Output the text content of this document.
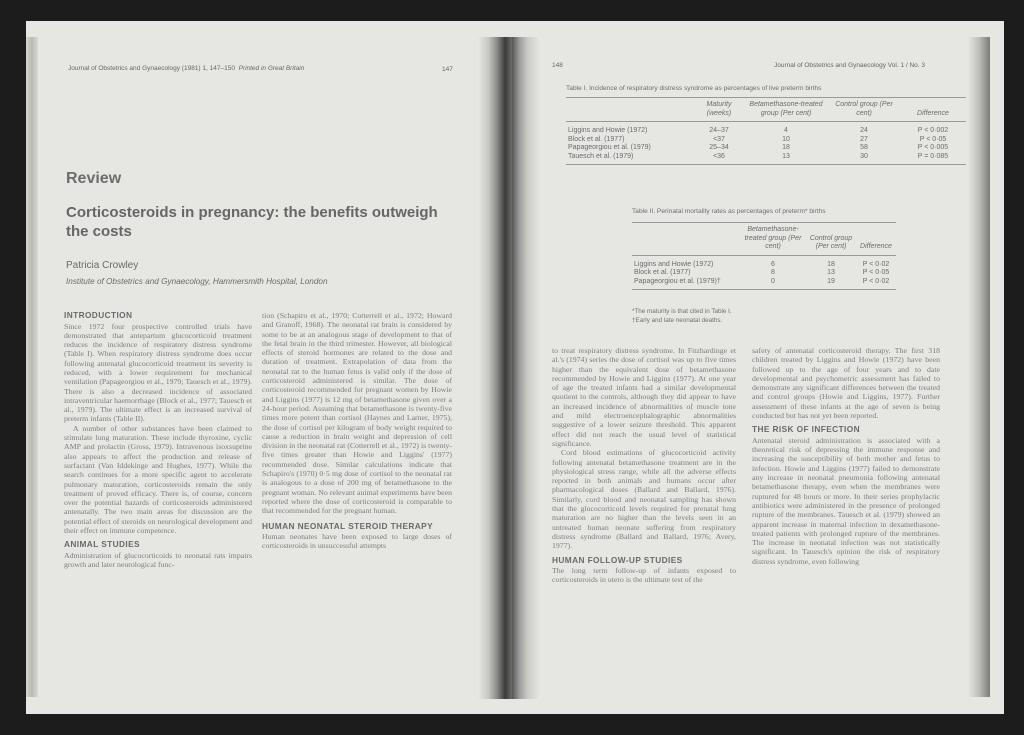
Journal of Obstetrics and Gynaecology (1981) 1, 147–150 Printed in Great Britain	147
Review
Corticosteroids in pregnancy: the benefits outweigh the costs
Patricia Crowley
Institute of Obstetrics and Gynaecology, Hammersmith Hospital, London
INTRODUCTION

Since 1972 four prospective controlled trials have demonstrated that antepartum glucocorticoid treatment reduces the incidence of respiratory distress syndrome (Table I). When respiratory distress syndrome does occur following antenatal glucocorticoid treatment its severity is reduced, with a lower requirement for mechanical ventilation (Papageorgiou et al., 1979; Tauesch et al., 1979). There is also a decreased incidence of associated intraventricular haemorrhage (Block et al., 1977; Tauesch et al., 1979). The ultimate effect is an increased survival of preterm infants (Table II).

A number of other substances have been claimed to stimulate lung maturation. These include thyroxine, cyclic AMP and prolactin (Gross, 1979). Intravenous isoxsuprine also appears to affect the production and release of surfactant (Van Iddekinge and Hughes, 1977). While the search continues for a more specific agent to accelerate pulmonary maturation, corticosteroids remain the only treatment of proved efficacy. There is, of course, concern over the potential hazards of corticosteroids administered antenatally. The two main areas for discussion are the potential effect of steroids on neurological development and their effect on immune competence.

ANIMAL STUDIES

Administration of glucocorticoids to neonatal rats impairs growth and later neurological func-

tion (Schapiro et al., 1970; Cotterrell et al., 1972; Howard and Granoff, 1968). The neonatal rat brain is considered by some to be at an analogous stage of development to that of the fetal brain in the third trimester. However, all biological effects of steroid hormones are related to the dose and duration of treatment. Extrapolation of data from the neonatal rat to the human fetus is valid only if the dose of corticosteroid administered is similar. The dose of corticosteroid recommended for pregnant women by Howie and Liggins (1977) is 12 mg of betamethasone given over a 24-hour period. Assuming that betamethasone is twenty-five times more potent than cortisol (Haynes and Larner, 1975), the dose of cortisol per kilogram of body weight required to cause a reduction in brain weight and depression of cell division in the neonatal rat (Cotterrell et al., 1972) is twenty-five times greater than Howie and Liggins' (1977) recommended dose. Similar calculations indicate that Schapiro's (1970) 0·5 mg dose of cortisol to the neonatal rat is analogous to a dose of 200 mg of betamethasone to the pregnant woman. No relevant animal experiments have been reported where the dose of corticosteroid is comparable to that recommended for the pregnant human.

HUMAN NEONATAL STEROID THERAPY

Human neonates have been exposed to large doses of corticosteroids in unsuccessful attempts

148	Journal of Obstetrics and Gynaecology Vol. 1 / No. 3
Table I. Incidence of respiratory distress syndrome as percentages of live preterm births
	Maturity (weeks)	Betamethasone-treated group (Per cent)	Control group (Per cent)	Difference
Liggins and Howie (1972)	24–37	4	24	P < 0·002
Block et al. (1977)	<37	10	27	P < 0·05
Papageorgiou et al. (1979)	25–34	18	58	P < 0·005
Tauesch et al. (1979)	<36	13	30	P = 0·085
Table II. Perinatal mortality rates as percentages of preterm* births
	Betamethasone-treated group (Per cent)	Control group (Per cent)	Difference
Liggins and Howie (1972)	6	18	P < 0·02
Block et al. (1977)	8	13	P < 0·05
Papageorgiou et al. (1979)†	0	19	P < 0·02
*The maturity is that cited in Table I.
†Early and late neonatal deaths.

to treat respiratory distress syndrome. In Fitzhardinge et al.'s (1974) series the dose of cortisol was up to five times higher than the equivalent dose of betamethasone recommended by Howie and Liggins (1977). At one year of age the treated infants had a similar developmental quotient to the controls, although they did appear to have an increased incidence of abnormalities of muscle tone and mild electroencephalographic abnormalities suggestive of a lower seizure threshold. This apparent effect did not reach the usual level of statistical significance.

Cord blood estimations of glucocorticoid activity following antenatal betamethasone treatment are in the physiological stress range, while all the adverse effects reported in both animals and humans occur after pharmacological doses (Ballard and Ballard, 1976). Similarly, cord blood and neonatal sampling has shown that the glucocorticoid levels required for prenatal lung maturation are no higher than the levels seen in an untreated human neonate suffering from respiratory distress syndrome (Ballard and Ballard, 1976; Avery, 1977).

HUMAN FOLLOW-UP STUDIES

The long term follow-up of infants exposed to corticosteroids in utero is the ultimate test of the

safety of antenatal corticosteroid therapy. The first 318 children treated by Liggins and Howie (1972) have been followed up to the age of four years and to date developmental and psychometric assessment has failed to demonstrate any significant differences between the treated and control groups (Howie and Liggins, 1977). Further assessment of these infants at the age of seven is being conducted but has not yet been reported.

THE RISK OF INFECTION

Antenatal steroid administration is associated with a theoretical risk of depressing the immune response and increasing the susceptibility of both mother and fetus to infection. Howie and Liggins (1977) failed to demonstrate any increase in neonatal pneumonia following antenatal betamethasone therapy, even when the membranes were ruptured for 48 hours or more. In their series prophylactic antibiotics were administered in the presence of prolonged rupture of the membranes. Tauesch et al. (1979) showed an apparent increase in maternal infection in dexamethasone-treated patients with prolonged rupture of the membranes. The increase in neonatal infection was not statistically significant. In Tauesch's opinion the risk of respiratory distress syndrome, even following
